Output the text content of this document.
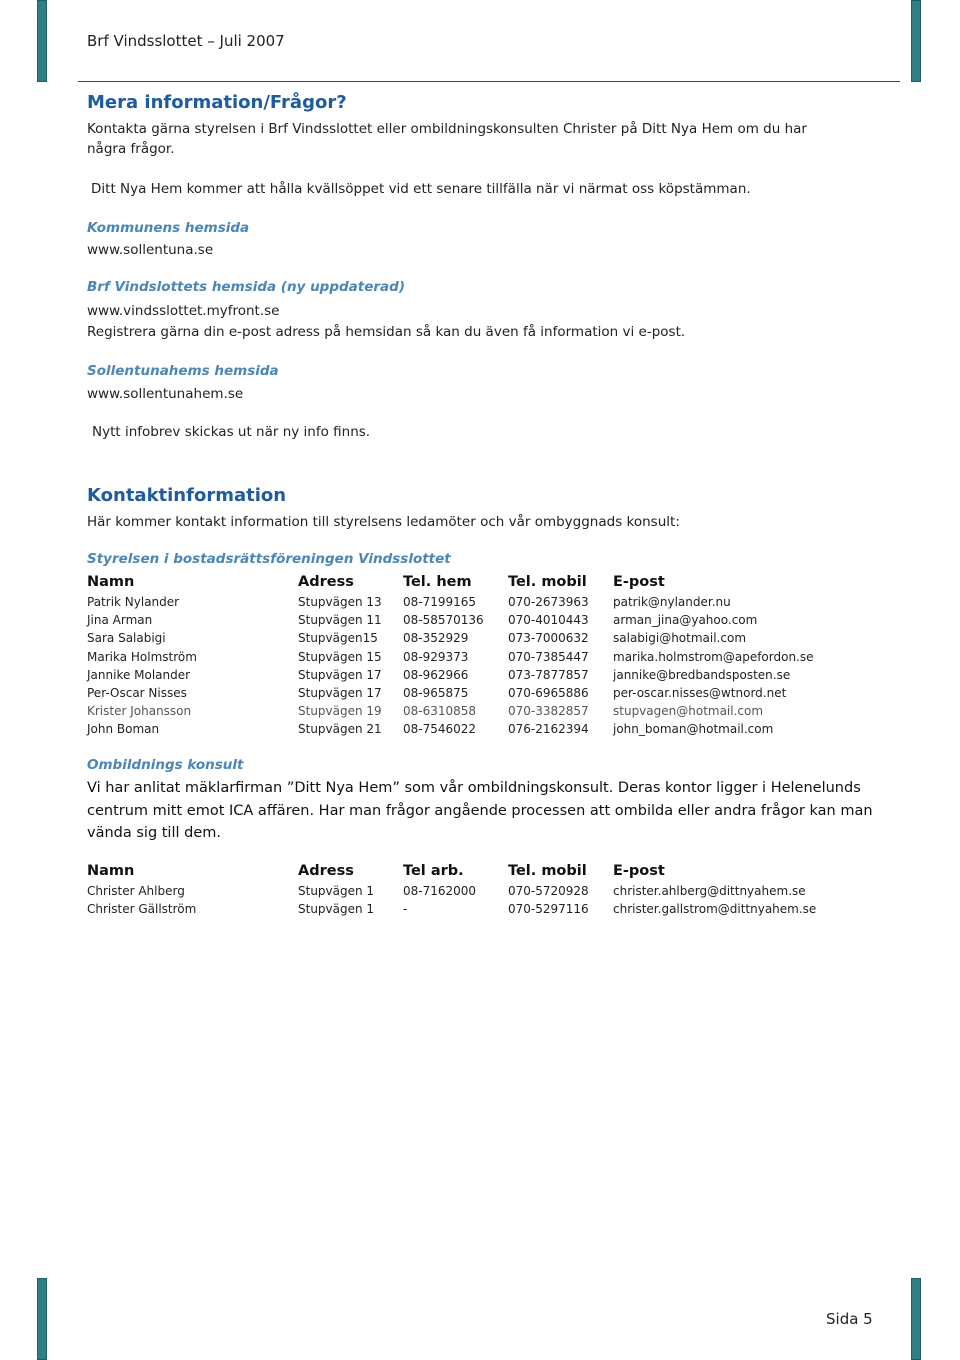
Brf Vindsslottet – Juli 2007
Mera information/Frågor?
Kontakta gärna styrelsen i Brf Vindsslottet eller ombildningskonsulten Christer på Ditt Nya Hem om du har
några frågor.
Ditt Nya Hem kommer att hålla kvällsöppet vid ett senare tillfälla när vi närmat oss köpstämman.
Kommunens hemsida
www.sollentuna.se
Brf Vindslottets hemsida (ny uppdaterad)
www.vindsslottet.myfront.se
Registrera gärna din e-post adress på hemsidan så kan du även få information vi e-post.
Sollentunahems hemsida
www.sollentunahem.se
Nytt infobrev skickas ut när ny info finns.
Kontaktinformation
Här kommer kontakt information till styrelsens ledamöter och vår ombyggnads konsult:
Styrelsen i bostadsrättsföreningen Vindsslottet
Namn	Adress	Tel. hem	Tel. mobil	E-post
Patrik Nylander	Stupvägen 13	08-7199165	070-2673963	patrik@nylander.nu
Jina Arman	Stupvägen 11	08-58570136	070-4010443	arman_jina@yahoo.com
Sara Salabigi	Stupvägen15	08-352929	073-7000632	salabigi@hotmail.com
Marika Holmström	Stupvägen 15	08-929373	070-7385447	marika.holmstrom@apefordon.se
Jannike Molander	Stupvägen 17	08-962966	073-7877857	jannike@bredbandsposten.se
Per-Oscar Nisses	Stupvägen 17	08-965875	070-6965886	per-oscar.nisses@wtnord.net
Krister Johansson	Stupvägen 19	08-6310858	070-3382857	stupvagen@hotmail.com
John Boman	Stupvägen 21	08-7546022	076-2162394	john_boman@hotmail.com
Ombildnings konsult
Vi har anlitat mäklarfirman ”Ditt Nya Hem” som vår ombildningskonsult. Deras kontor ligger i Helenelunds
centrum mitt emot ICA affären. Har man frågor angående processen att ombilda eller andra frågor kan man
vända sig till dem.
Namn	Adress	Tel arb.	Tel. mobil	E-post
Christer Ahlberg	Stupvägen 1	08-7162000	070-5720928	christer.ahlberg@dittnyahem.se
Christer Gällström	Stupvägen 1	-	070-5297116	christer.gallstrom@dittnyahem.se
Sida 5
